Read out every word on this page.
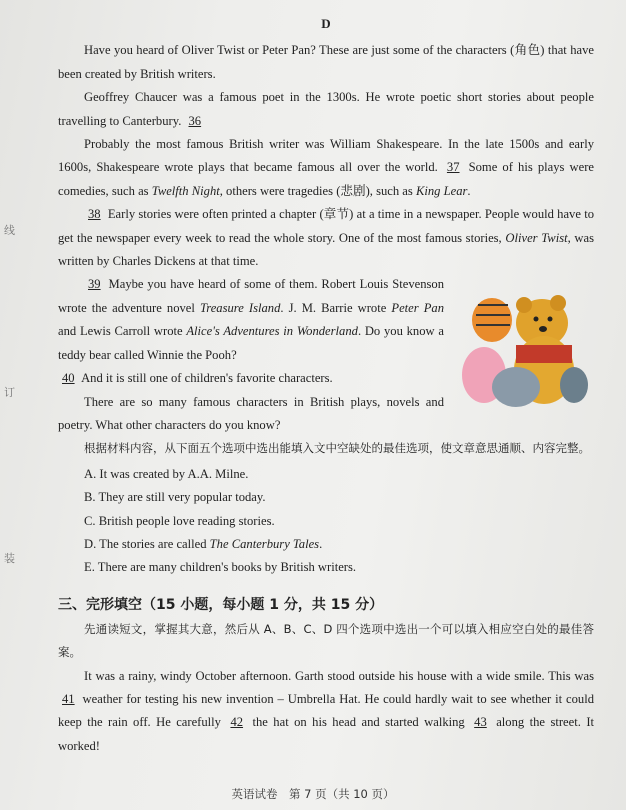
线
订
装
D

Have you heard of Oliver Twist or Peter Pan? These are just some of the characters (角色) that have been created by British writers.

Geoffrey Chaucer was a famous poet in the 1300s. He wrote poetic short stories about people travelling to Canterbury. 36

Probably the most famous British writer was William Shakespeare. In the late 1500s and early 1600s, Shakespeare wrote plays that became famous all over the world. 37 Some of his plays were comedies, such as Twelfth Night, others were tragedies (悲剧), such as King Lear.

38 Early stories were often printed a chapter (章节) at a time in a newspaper. People would have to get the newspaper every week to read the whole story. One of the most famous stories, Oliver Twist, was written by Charles Dickens at that time.

39 Maybe you have heard of some of them. Robert Louis Stevenson wrote the adventure novel Treasure Island. J. M. Barrie wrote Peter Pan and Lewis Carroll wrote Alice's Adventures in Wonderland. Do you know a teddy bear called Winnie the Pooh?
40 And it is still one of children's favorite characters.

There are so many famous characters in British plays, novels and poetry. What other characters do you know?

根据材料内容，从下面五个选项中选出能填入文中空缺处的最佳选项，使文章意思通顺、内容完整。

A. It was created by A.A. Milne.
B. They are still very popular today.
C. British people love reading stories.
D. The stories are called The Canterbury Tales.
E. There are many children's books by British writers.
三、完形填空（15 小题，每小题 1 分，共 15 分）

先通读短文，掌握其大意，然后从 A、B、C、D 四个选项中选出一个可以填入相应空白处的最佳答案。

It was a rainy, windy October afternoon. Garth stood outside his house with a wide smile. This was 41 weather for testing his new invention – Umbrella Hat. He could hardly wait to see whether it could keep the rain off. He carefully 42 the hat on his head and started walking 43 along the street. It worked!

英语试卷　第 7 页（共 10 页）
